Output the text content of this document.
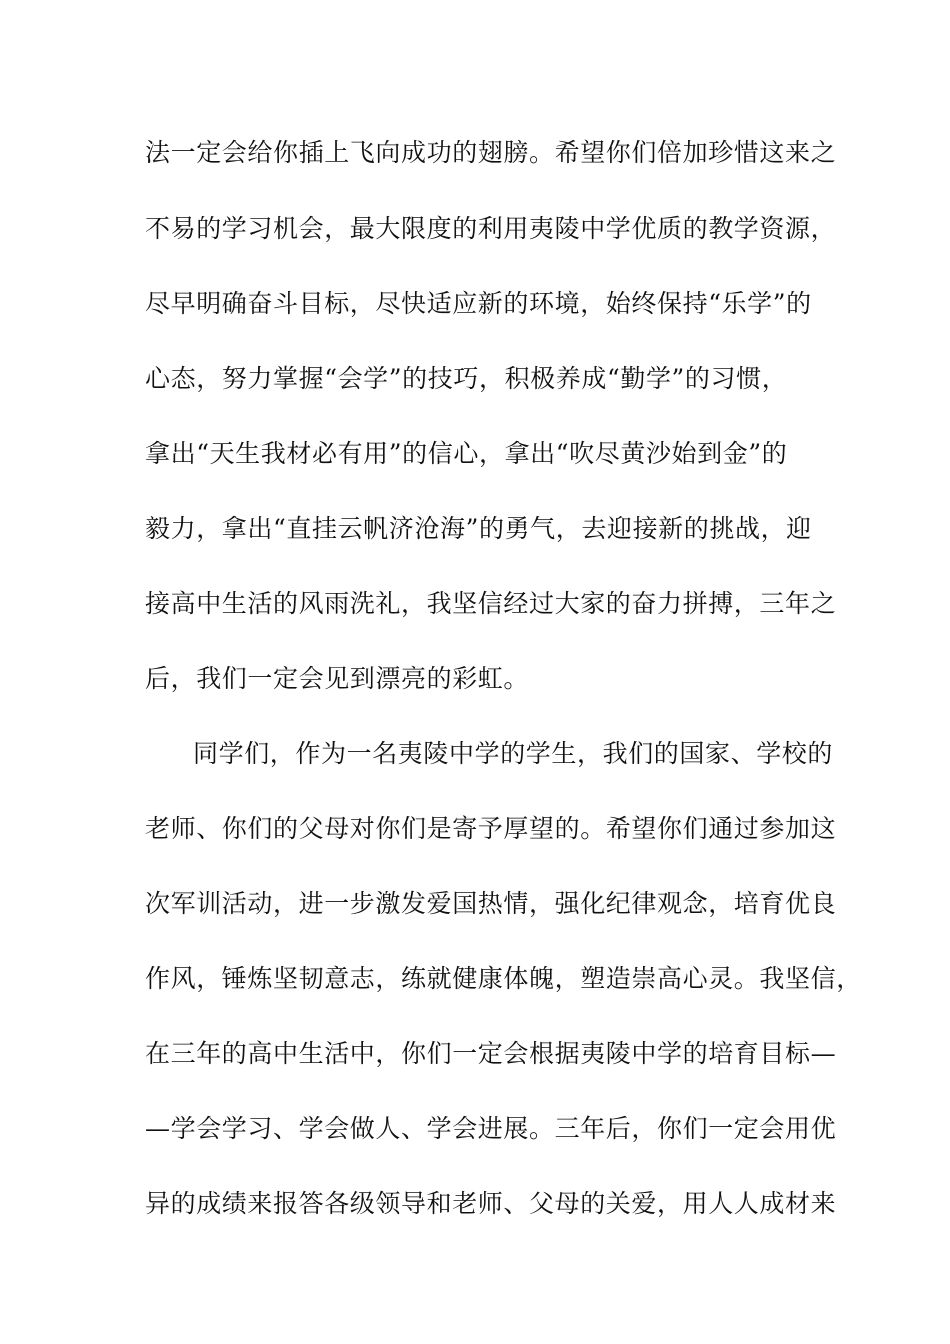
法一定会给你插上飞向成功的翅膀。希望你们倍加珍惜这来之
不易的学习机会，最大限度的利用夷陵中学优质的教学资源，
尽早明确奋斗目标，尽快适应新的环境，始终保持“乐学”的
心态，努力掌握“会学”的技巧，积极养成“勤学”的习惯，
拿出“天生我材必有用”的信心，拿出“吹尽黄沙始到金”的
毅力，拿出“直挂云帆济沧海”的勇气，去迎接新的挑战，迎
接高中生活的风雨洗礼，我坚信经过大家的奋力拼搏，三年之
后，我们一定会见到漂亮的彩虹。
同学们，作为一名夷陵中学的学生，我们的国家、学校的
老师、你们的父母对你们是寄予厚望的。希望你们通过参加这
次军训活动，进一步激发爱国热情，强化纪律观念，培育优良
作风，锤炼坚韧意志，练就健康体魄，塑造崇高心灵。我坚信，
在三年的高中生活中，你们一定会根据夷陵中学的培育目标—
—学会学习、学会做人、学会进展。三年后，你们一定会用优
异的成绩来报答各级领导和老师、父母的关爱，用人人成材来
